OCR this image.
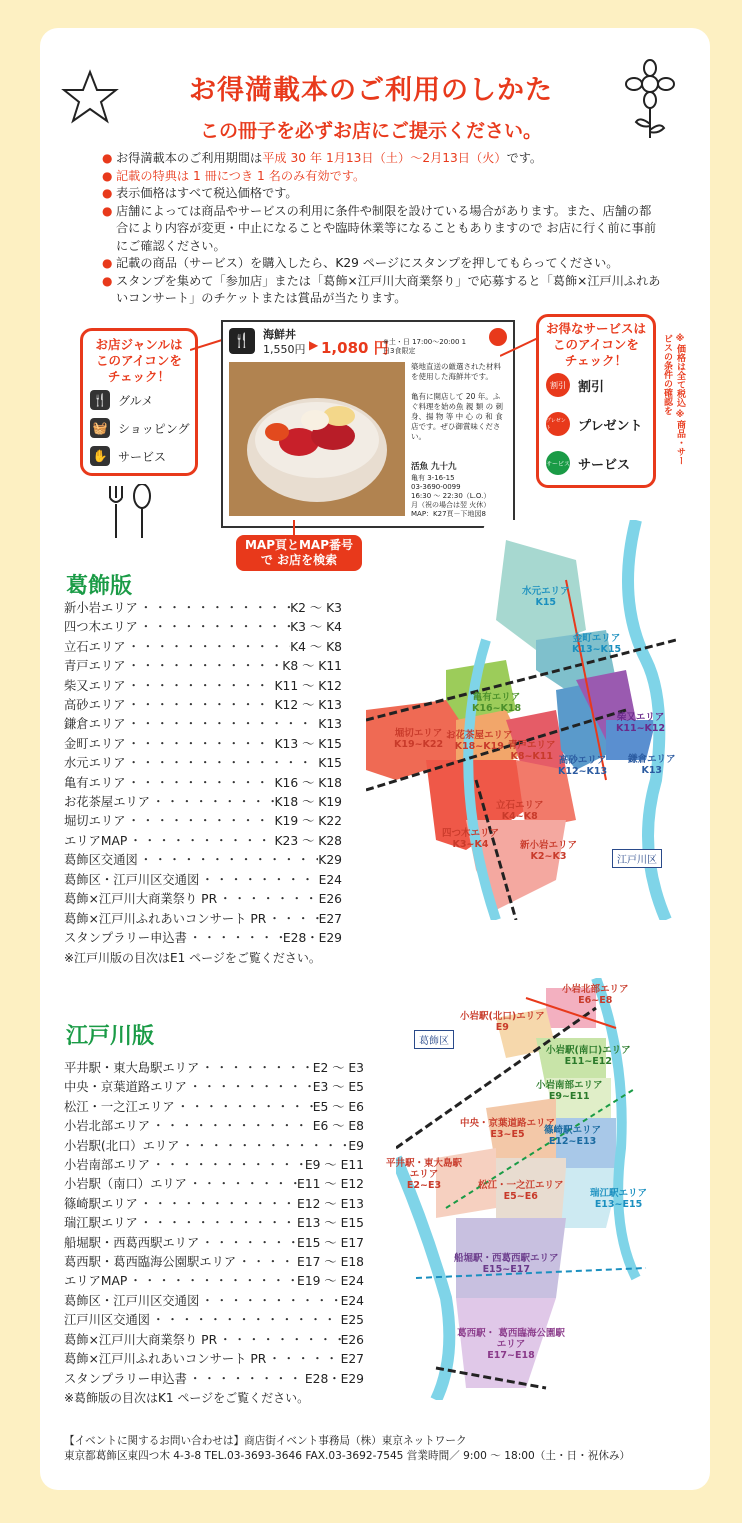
お得満載本のご利用のしかた
この冊子を必ずお店にご提示ください。
● お得満載本のご利用期間は平成 30 年 1月13日（土）～2月13日（火）です。
● 記載の特典は 1 冊につき 1 名のみ有効です。
● 表示価格はすべて税込価格です。
● 店舗によっては商品やサービスの利用に条件や制限を設けている場合があります。また、店舗の都合により内容が変更・中止になることや臨時休業等になることもありますので お店に行く前に事前にご確認ください。
● 記載の商品（サービス）を購入したら、K29 ページにスタンプを押してもらってください。
● スタンプを集めて「参加店」または「葛飾×江戸川大商業祭り」で応募すると「葛飾×江戸川ふれあいコンサート」のチケットまたは賞品が当たります。
お店ジャンルは このアイコンを チェック！
🍴 グルメ
🧺 ショッピング
✋ サービス
🍴	海鮮丼
1,550円 ▶ 1,080 円
※土・日 17:00～20:00 1日3食限定
築地直送の厳選された材料を使用した海鮮丼です。
亀有に開店して 20 年。ふぐ料理を始め魚 親 類 の 刺 身、揚 物 等 中 心 の 和 食店です。ぜひ御賞味ください。
活魚 九十九
亀有 3-16-15
03-3690-0099
16:30 ～ 22:30（L.O.）
月（祝の場合は翌 火休）
MAP：K27頁－下地図8
お得なサービスは このアイコンを チェック！
割引 割引
プレゼント	プレゼント
サービス サービス	※価格は全て税込 ※商品・サービスの条件の確認を
MAP頁とMAP番号で お店を検索
葛飾版
新小岩エリア ・・・・・・・・・・・・・・・・・・・・・・・・・・・・・・・・・・・・・・	K2 ～ K3
四つ木エリア ・・・・・・・・・・・・・・・・・・・・・・・・・・・・・・・・・・・・・・	K3 ～ K4
立石エリア ・・・・・・・・・・・・・・・・・・・・・・・・・・・・・・・・・・・・・・	K4 ～ K8
青戸エリア ・・・・・・・・・・・・・・・・・・・・・・・・・・・・・・・・・・・・・・	K8 ～ K11
柴又エリア ・・・・・・・・・・・・・・・・・・・・・・・・・・・・・・・・・・・・・・	K11 ～ K12
高砂エリア ・・・・・・・・・・・・・・・・・・・・・・・・・・・・・・・・・・・・・・	K12 ～ K13
鎌倉エリア ・・・・・・・・・・・・・・・・・・・・・・・・・・・・・・・・・・・・・・	K13
金町エリア ・・・・・・・・・・・・・・・・・・・・・・・・・・・・・・・・・・・・・・	K13 ～ K15
水元エリア ・・・・・・・・・・・・・・・・・・・・・・・・・・・・・・・・・・・・・・	K15
亀有エリア ・・・・・・・・・・・・・・・・・・・・・・・・・・・・・・・・・・・・・・	K16 ～ K18
お花茶屋エリア ・・・・・・・・・・・・・・・・・・・・・・・・・・・・・・・・・・・・・・	K18 ～ K19
堀切エリア ・・・・・・・・・・・・・・・・・・・・・・・・・・・・・・・・・・・・・・	K19 ～ K22
エリアMAP ・・・・・・・・・・・・・・・・・・・・・・・・・・・・・・・・・・・・・・	K23 ～ K28
葛飾区交通図 ・・・・・・・・・・・・・・・・・・・・・・・・・・・・・・・・・・・・・・	K29
葛飾区・江戸川区交通図 ・・・・・・・・・・・・・・・・・・・・・・・・・・・・・・・・・・・・・・	E24
葛飾×江戸川大商業祭り PR ・・・・・・・・・・・・・・・・・・・・・・・・・・・・・・・・・・・・・・	E26
葛飾×江戸川ふれあいコンサート PR ・・・・・・・・・・・・・・・・・・・・・・・・・・・・・・・・・・・・・・	E27
スタンプラリー申込書 ・・・・・・・・・・・・・・・・・・・・・・・・・・・・・・・・・・・・・・	E28・E29
※江戸川版の目次はE1 ページをご覧ください。
水元エリア
K15
金町エリア
K13~K15
亀有エリア
K16~K18
柴又エリア
K11~K12
堀切エリア
K19~K22
お花茶屋エリア
K18~K19 青戸エリア
K8~K11 高砂エリア
K12~K13
鎌倉エリア
K13
立石エリア
K4~K8
四つ木エリア
K3~K4	新小岩エリア
K2~K3	江戸川区
江戸川版
平井駅・東大島駅エリア ・・・・・・・・・・・・・・・・・・・・・・・・・・・・・・・・・・・・・・	E2 ～ E3
中央・京葉道路エリア ・・・・・・・・・・・・・・・・・・・・・・・・・・・・・・・・・・・・・・	E3 ～ E5
松江・一之江エリア ・・・・・・・・・・・・・・・・・・・・・・・・・・・・・・・・・・・・・・	E5 ～ E6
小岩北部エリア ・・・・・・・・・・・・・・・・・・・・・・・・・・・・・・・・・・・・・・	E6 ～ E8
小岩駅(北口）エリア ・・・・・・・・・・・・・・・・・・・・・・・・・・・・・・・・・・・・・・	E9
小岩南部エリア ・・・・・・・・・・・・・・・・・・・・・・・・・・・・・・・・・・・・・・	E9 ～ E11
小岩駅（南口）エリア ・・・・・・・・・・・・・・・・・・・・・・・・・・・・・・・・・・・・・・	E11 ～ E12
篠崎駅エリア ・・・・・・・・・・・・・・・・・・・・・・・・・・・・・・・・・・・・・・	E12 ～ E13
瑞江駅エリア ・・・・・・・・・・・・・・・・・・・・・・・・・・・・・・・・・・・・・・	E13 ～ E15
船堀駅・西葛西駅エリア ・・・・・・・・・・・・・・・・・・・・・・・・・・・・・・・・・・・・・・	E15 ～ E17
葛西駅・葛西臨海公園駅エリア ・・・・・・・・・・・・・・・・・・・・・・・・・・・・・・・・・・・・・・	E17 ～ E18
エリアMAP ・・・・・・・・・・・・・・・・・・・・・・・・・・・・・・・・・・・・・・	E19 ～ E24
葛飾区・江戸川区交通図 ・・・・・・・・・・・・・・・・・・・・・・・・・・・・・・・・・・・・・・	E24
江戸川区交通図 ・・・・・・・・・・・・・・・・・・・・・・・・・・・・・・・・・・・・・・	E25
葛飾×江戸川大商業祭り PR ・・・・・・・・・・・・・・・・・・・・・・・・・・・・・・・・・・・・・・	E26
葛飾×江戸川ふれあいコンサート PR ・・・・・・・・・・・・・・・・・・・・・・・・・・・・・・・・・・・・・・	E27
スタンプラリー申込書 ・・・・・・・・・・・・・・・・・・・・・・・・・・・・・・・・・・・・・・	E28・E29
※葛飾版の目次はK1 ページをご覧ください。
小岩北部エリア
E6~E8
小岩駅(北口)エリア
E9
小岩駅(南口)エリア
E11~E12
小岩南部エリア
E9~E11
中央・京葉道路エリア
E3~E5	篠崎駅エリア
E12~E13
平井駅・東大島駅 エリア
E2~E3	松江・一之江エリア
E5~E6	瑞江駅エリア
E13~E15
船堀駅・西葛西駅エリア
E15~E17
葛西駅・ 葛西臨海公園駅エリア
E17~E18
葛飾区
【イベントに関するお問い合わせは】商店街イベント事務局（株）東京ネットワーク
東京都葛飾区東四つ木 4-3-8 TEL.03-3693-3646 FAX.03-3692-7545 営業時間／ 9:00 ～ 18:00（土・日・祝休み）
